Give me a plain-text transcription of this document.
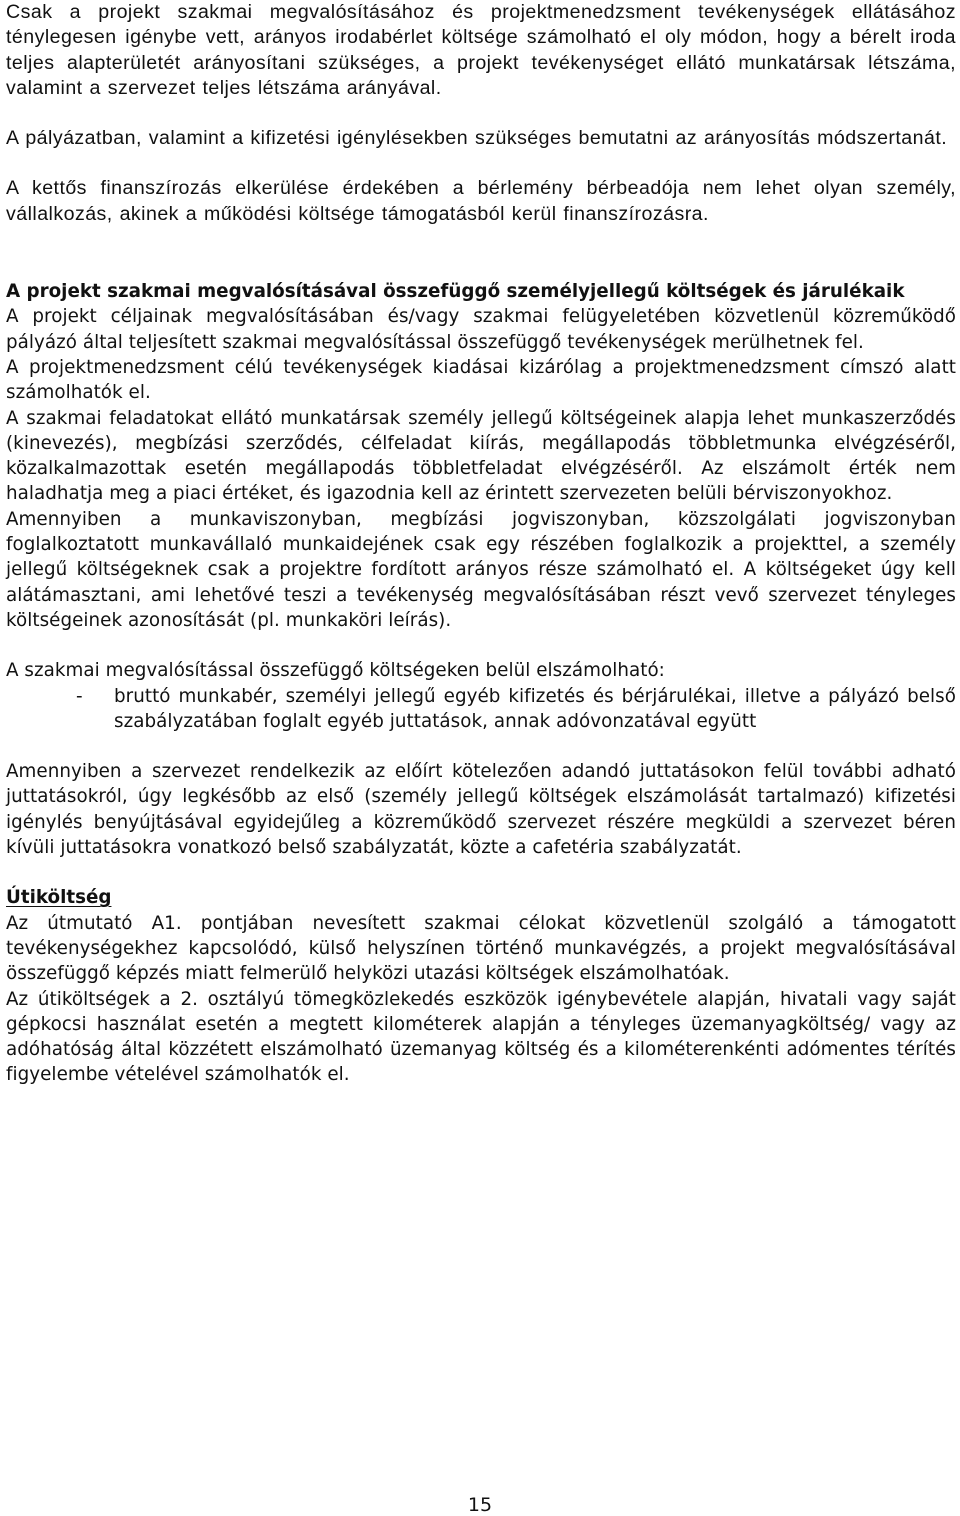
Csak a projekt szakmai megvalósításához és projektmenedzsment tevékenységek ellátásához ténylegesen igénybe vett, arányos irodabérlet költsége számolható el oly módon, hogy a bérelt iroda teljes alapterületét arányosítani szükséges, a projekt tevékenységet ellátó munkatársak létszáma, valamint a szervezet teljes létszáma arányával.

A pályázatban, valamint a kifizetési igénylésekben szükséges bemutatni az arányosítás módszertanát.

A kettős finanszírozás elkerülése érdekében a bérlemény bérbeadója nem lehet olyan személy, vállalkozás, akinek a működési költsége támogatásból kerül finanszírozásra.

A projekt szakmai megvalósításával összefüggő személyjellegű költségek és járulékaik

A projekt céljainak megvalósításában és/vagy szakmai felügyeletében közvetlenül közreműködő pályázó által teljesített szakmai megvalósítással összefüggő tevékenységek merülhetnek fel.

A projektmenedzsment célú tevékenységek kiadásai kizárólag a projektmenedzsment címszó alatt számolhatók el.

A szakmai feladatokat ellátó munkatársak személy jellegű költségeinek alapja lehet munkaszerződés (kinevezés), megbízási szerződés, célfeladat kiírás, megállapodás többletmunka elvégzéséről, közalkalmazottak esetén megállapodás többletfeladat elvégzéséről. Az elszámolt érték nem haladhatja meg a piaci értéket, és igazodnia kell az érintett szervezeten belüli bérviszonyokhoz.

Amennyiben a munkaviszonyban, megbízási jogviszonyban, közszolgálati jogviszonyban foglalkoztatott munkavállaló munkaidejének csak egy részében foglalkozik a projekttel, a személy jellegű költségeknek csak a projektre fordított arányos része számolható el. A költségeket úgy kell alátámasztani, ami lehetővé teszi a tevékenység megvalósításában részt vevő szervezet tényleges költségeinek azonosítását (pl. munkaköri leírás).

A szakmai megvalósítással összefüggő költségeken belül elszámolható:

-	bruttó munkabér, személyi jellegű egyéb kifizetés és bérjárulékai, illetve a pályázó belső szabályzatában foglalt egyéb juttatások, annak adóvonzatával együtt

Amennyiben a szervezet rendelkezik az előírt kötelezően adandó juttatásokon felül további adható juttatásokról, úgy legkésőbb az első (személy jellegű költségek elszámolását tartalmazó) kifizetési igénylés benyújtásával egyidejűleg a közreműködő szervezet részére megküldi a szervezet béren kívüli juttatásokra vonatkozó belső szabályzatát, közte a cafetéria szabályzatát.

Útiköltség

Az útmutató A1. pontjában nevesített szakmai célokat közvetlenül szolgáló a támogatott tevékenységekhez kapcsolódó, külső helyszínen történő munkavégzés, a projekt megvalósításával összefüggő képzés miatt felmerülő helyközi utazási költségek elszámolhatóak.

Az útiköltségek a 2. osztályú tömegközlekedés eszközök igénybevétele alapján, hivatali vagy saját gépkocsi használat esetén a megtett kilométerek alapján a tényleges üzemanyagköltség/ vagy az adóhatóság által közzétett elszámolható üzemanyag költség és a kilométerenkénti adómentes térítés figyelembe vételével számolhatók el.

15
